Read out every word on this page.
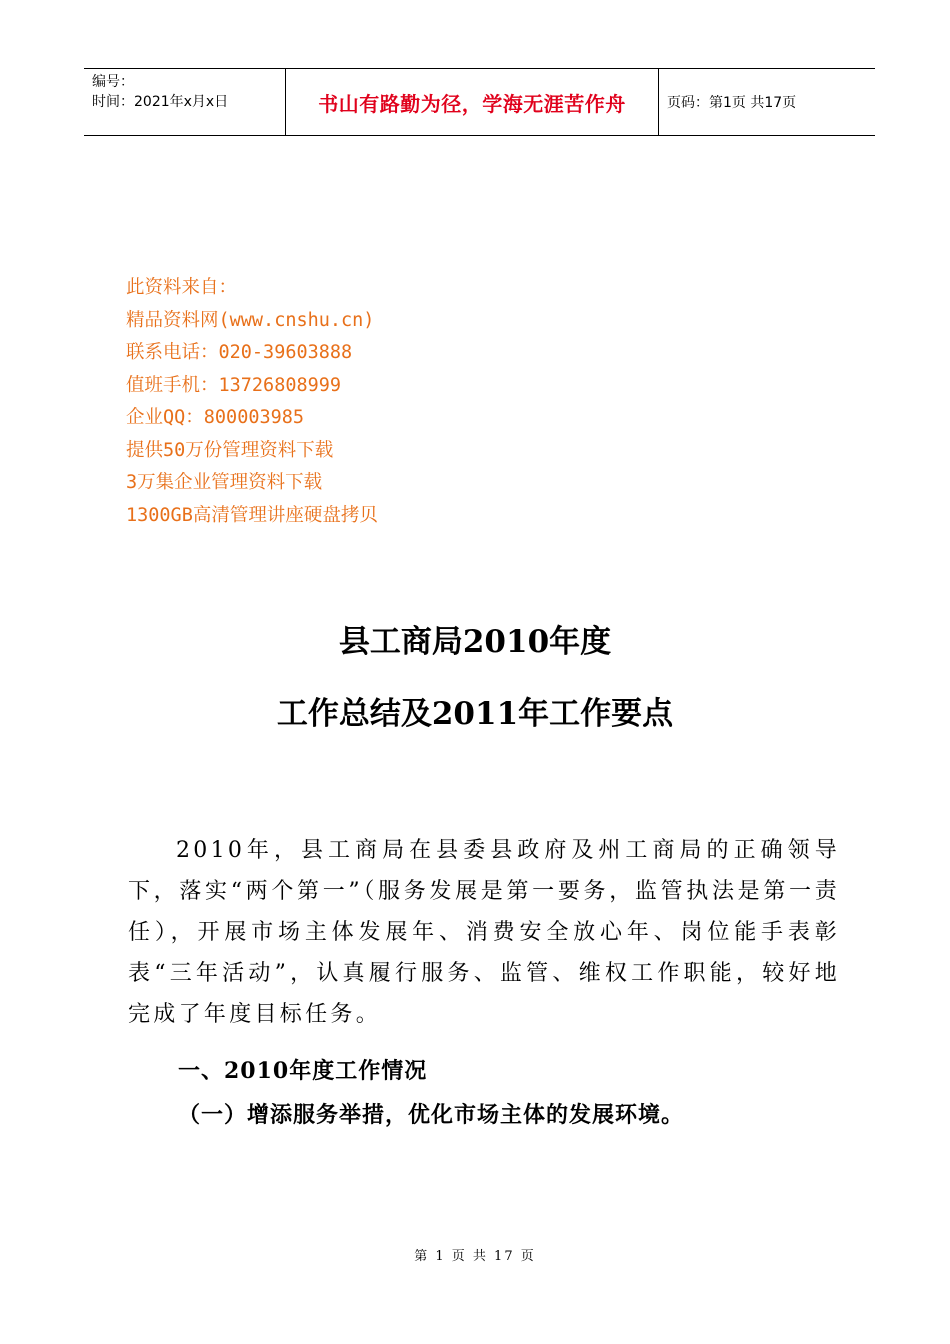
编号：
时间：2021年x月x日	书山有路勤为径，学海无涯苦作舟	页码：第1页 共17页
此资料来自：
精品资料网(www.cnshu.cn)
联系电话：020-39603888
值班手机：13726808999
企业QQ：800003985
提供50万份管理资料下载
3万集企业管理资料下载
1300GB高清管理讲座硬盘拷贝
县工商局2010年度
工作总结及2011年工作要点

2010年，县工商局在县委县政府及州工商局的正确领导下，落实“两个第一”（服务发展是第一要务，监管执法是第一责任），开展市场主体发展年、消费安全放心年、岗位能手表彰表“三年活动”，认真履行服务、监管、维权工作职能，较好地完成了年度目标任务。

一、2010年度工作情况
（一）增添服务举措，优化市场主体的发展环境。
第 1 页 共 17 页
